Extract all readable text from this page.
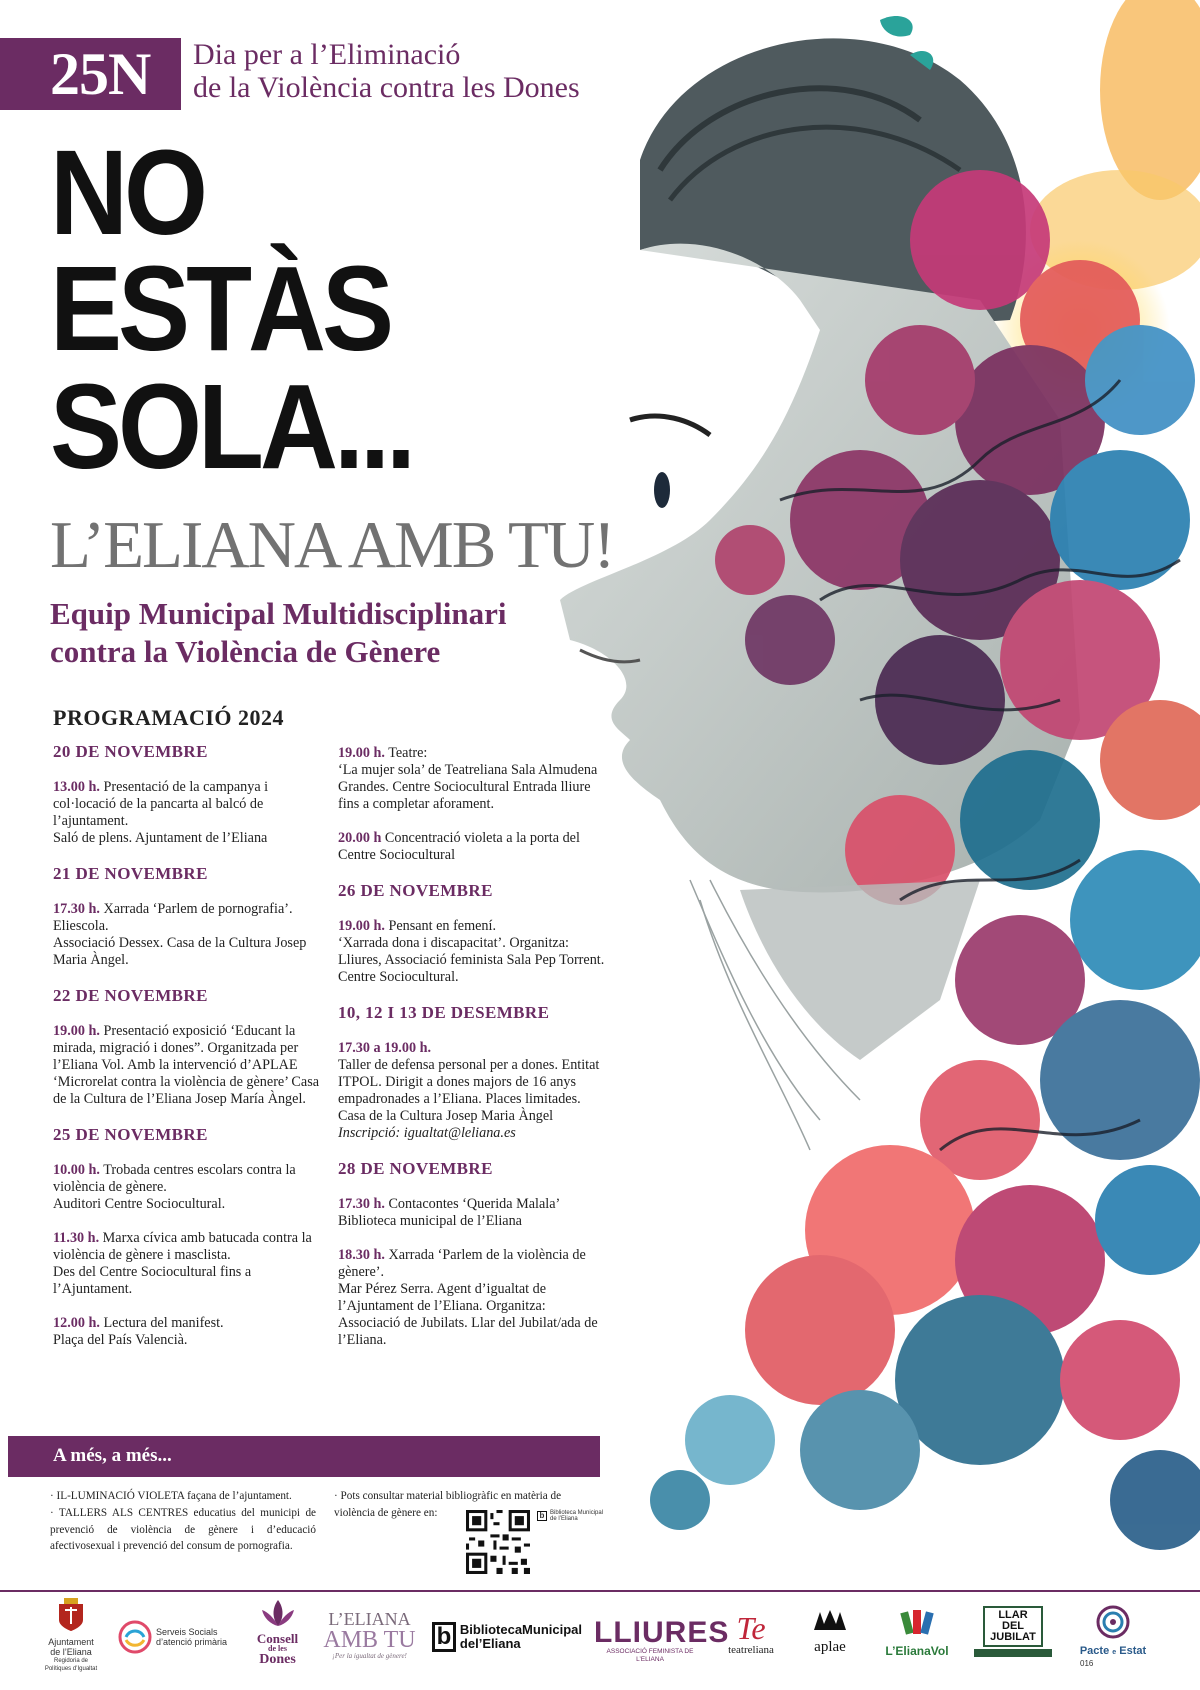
25N	Dia per a l’Eliminació
de la Violència contra les Dones
NO
ESTÀS
SOLA...
L’ELIANA AMB TU!
Equip Municipal Multidisciplinari
contra la Violència de Gènere
PROGRAMACIÓ 2024
20 DE NOVEMBRE
13.00 h. Presentació de la campanya i col·locació de la pancarta al balcó de l’ajuntament.
Saló de plens. Ajuntament de l’Eliana
21 DE NOVEMBRE
17.30 h. Xarrada ‘Parlem de pornografia’. Eliescola.
Associació Dessex. Casa de la Cultura Josep Maria Àngel.
22 DE NOVEMBRE
19.00 h. Presentació exposició ‘Educant la mirada, migració i dones”. Organitzada per l’Eliana Vol. Amb la intervenció d’APLAE
‘Microrelat contra la violència de gènere’ Casa de la Cultura de l’Eliana Josep María Àngel.
25 DE NOVEMBRE
10.00 h. Trobada centres escolars contra la violència de gènere.
Auditori Centre Sociocultural.
11.30 h. Marxa cívica amb batucada contra la violència de gènere i masclista.
Des del Centre Sociocultural fins a l’Ajuntament.
12.00 h. Lectura del manifest.
Plaça del País Valencià.
19.00 h. Teatre:
‘La mujer sola’ de Teatreliana Sala Almudena Grandes. Centre Sociocultural Entrada lliure fins a completar aforament.
20.00 h Concentració violeta a la porta del Centre Sociocultural
26 DE NOVEMBRE
19.00 h. Pensant en femení.
‘Xarrada dona i discapacitat’. Organitza: Lliures, Associació feminista Sala Pep Torrent. Centre Sociocultural.
10, 12 I 13 DE DESEMBRE
17.30 a 19.00 h.
Taller de defensa personal per a dones. Entitat ITPOL. Dirigit a dones majors de 16 anys empadronades a l’Eliana. Places limitades. Casa de la Cultura Josep Maria Àngel
Inscripció: igualtat@leliana.es
28 DE NOVEMBRE
17.30 h. Contacontes ‘Querida Malala’
Biblioteca municipal de l’Eliana
18.30 h. Xarrada ‘Parlem de la violència de gènere’.
Mar Pérez Serra. Agent d’igualtat de l’Ajuntament de l’Eliana. Organitza: Associació de Jubilats. Llar del Jubilat/ada de l’Eliana.
A més, a més...
· IL-LUMINACIÓ VIOLETA façana de l’ajuntament.
· TALLERS ALS CENTRES educatius del municipi de prevenció de violència de gènere i d’educació afectivosexual i prevenció del consum de pornografia.
· Pots consultar material bibliogràfic en matèria de violència de gènere en:	b Biblioteca Municipal
de l’Eliana
Ajuntament
de l’Eliana
Regidoria de Polítiques d’Igualtat
Serveis Socials
d’atenció primària	Consell
de les
Dones
L’ELIANA
AMB TU
¡Per la igualtat de gènere!
b BibliotecaMunicipal
del’Eliana	LLIURES
ASSOCIACIÓ FEMINISTA DE L’ELIANA
Te
teatreliana	aplae	L’ElianaVol
LLAR
DEL
JUBILAT
Pacte e Estat
016
